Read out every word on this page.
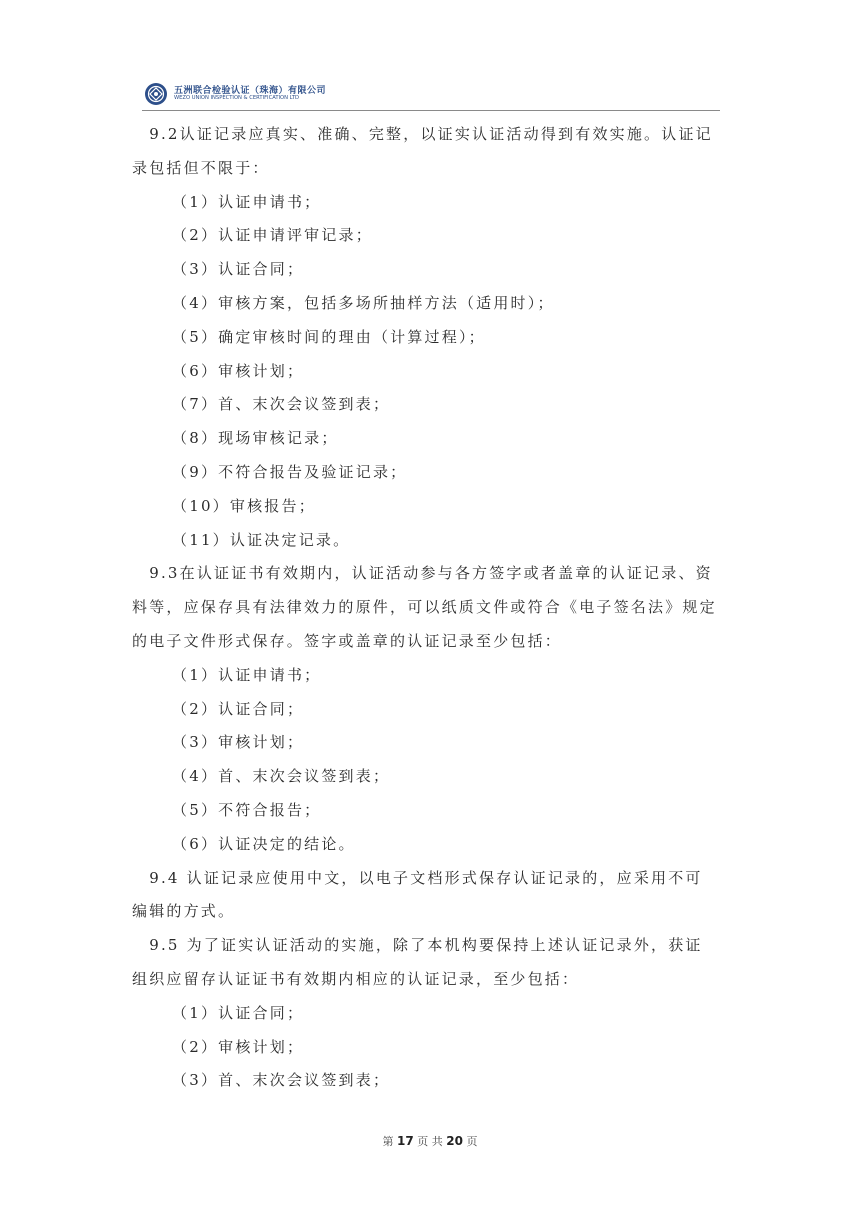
五洲联合检验认证（珠海）有限公司
WEZO UNION INSPECTION & CERTIFICATION LTD
　9.2认证记录应真实、准确、完整，以证实认证活动得到有效实施。认证记
录包括但不限于：
（1）认证申请书；
（2）认证申请评审记录；
（3）认证合同；
（4）审核方案，包括多场所抽样方法（适用时）；
（5）确定审核时间的理由（计算过程）；
（6）审核计划；
（7）首、末次会议签到表；
（8）现场审核记录；
（9）不符合报告及验证记录；
（10）审核报告；
（11）认证决定记录。
　9.3在认证证书有效期内，认证活动参与各方签字或者盖章的认证记录、资
料等，应保存具有法律效力的原件，可以纸质文件或符合《电子签名法》规定
的电子文件形式保存。签字或盖章的认证记录至少包括：
（1）认证申请书；
（2）认证合同；
（3）审核计划；
（4）首、末次会议签到表；
（5）不符合报告；
（6）认证决定的结论。
　9.4 认证记录应使用中文，以电子文档形式保存认证记录的，应采用不可
编辑的方式。
　9.5 为了证实认证活动的实施，除了本机构要保持上述认证记录外，获证
组织应留存认证证书有效期内相应的认证记录，至少包括：
（1）认证合同；
（2）审核计划；
（3）首、末次会议签到表；
第 17 页 共 20 页
